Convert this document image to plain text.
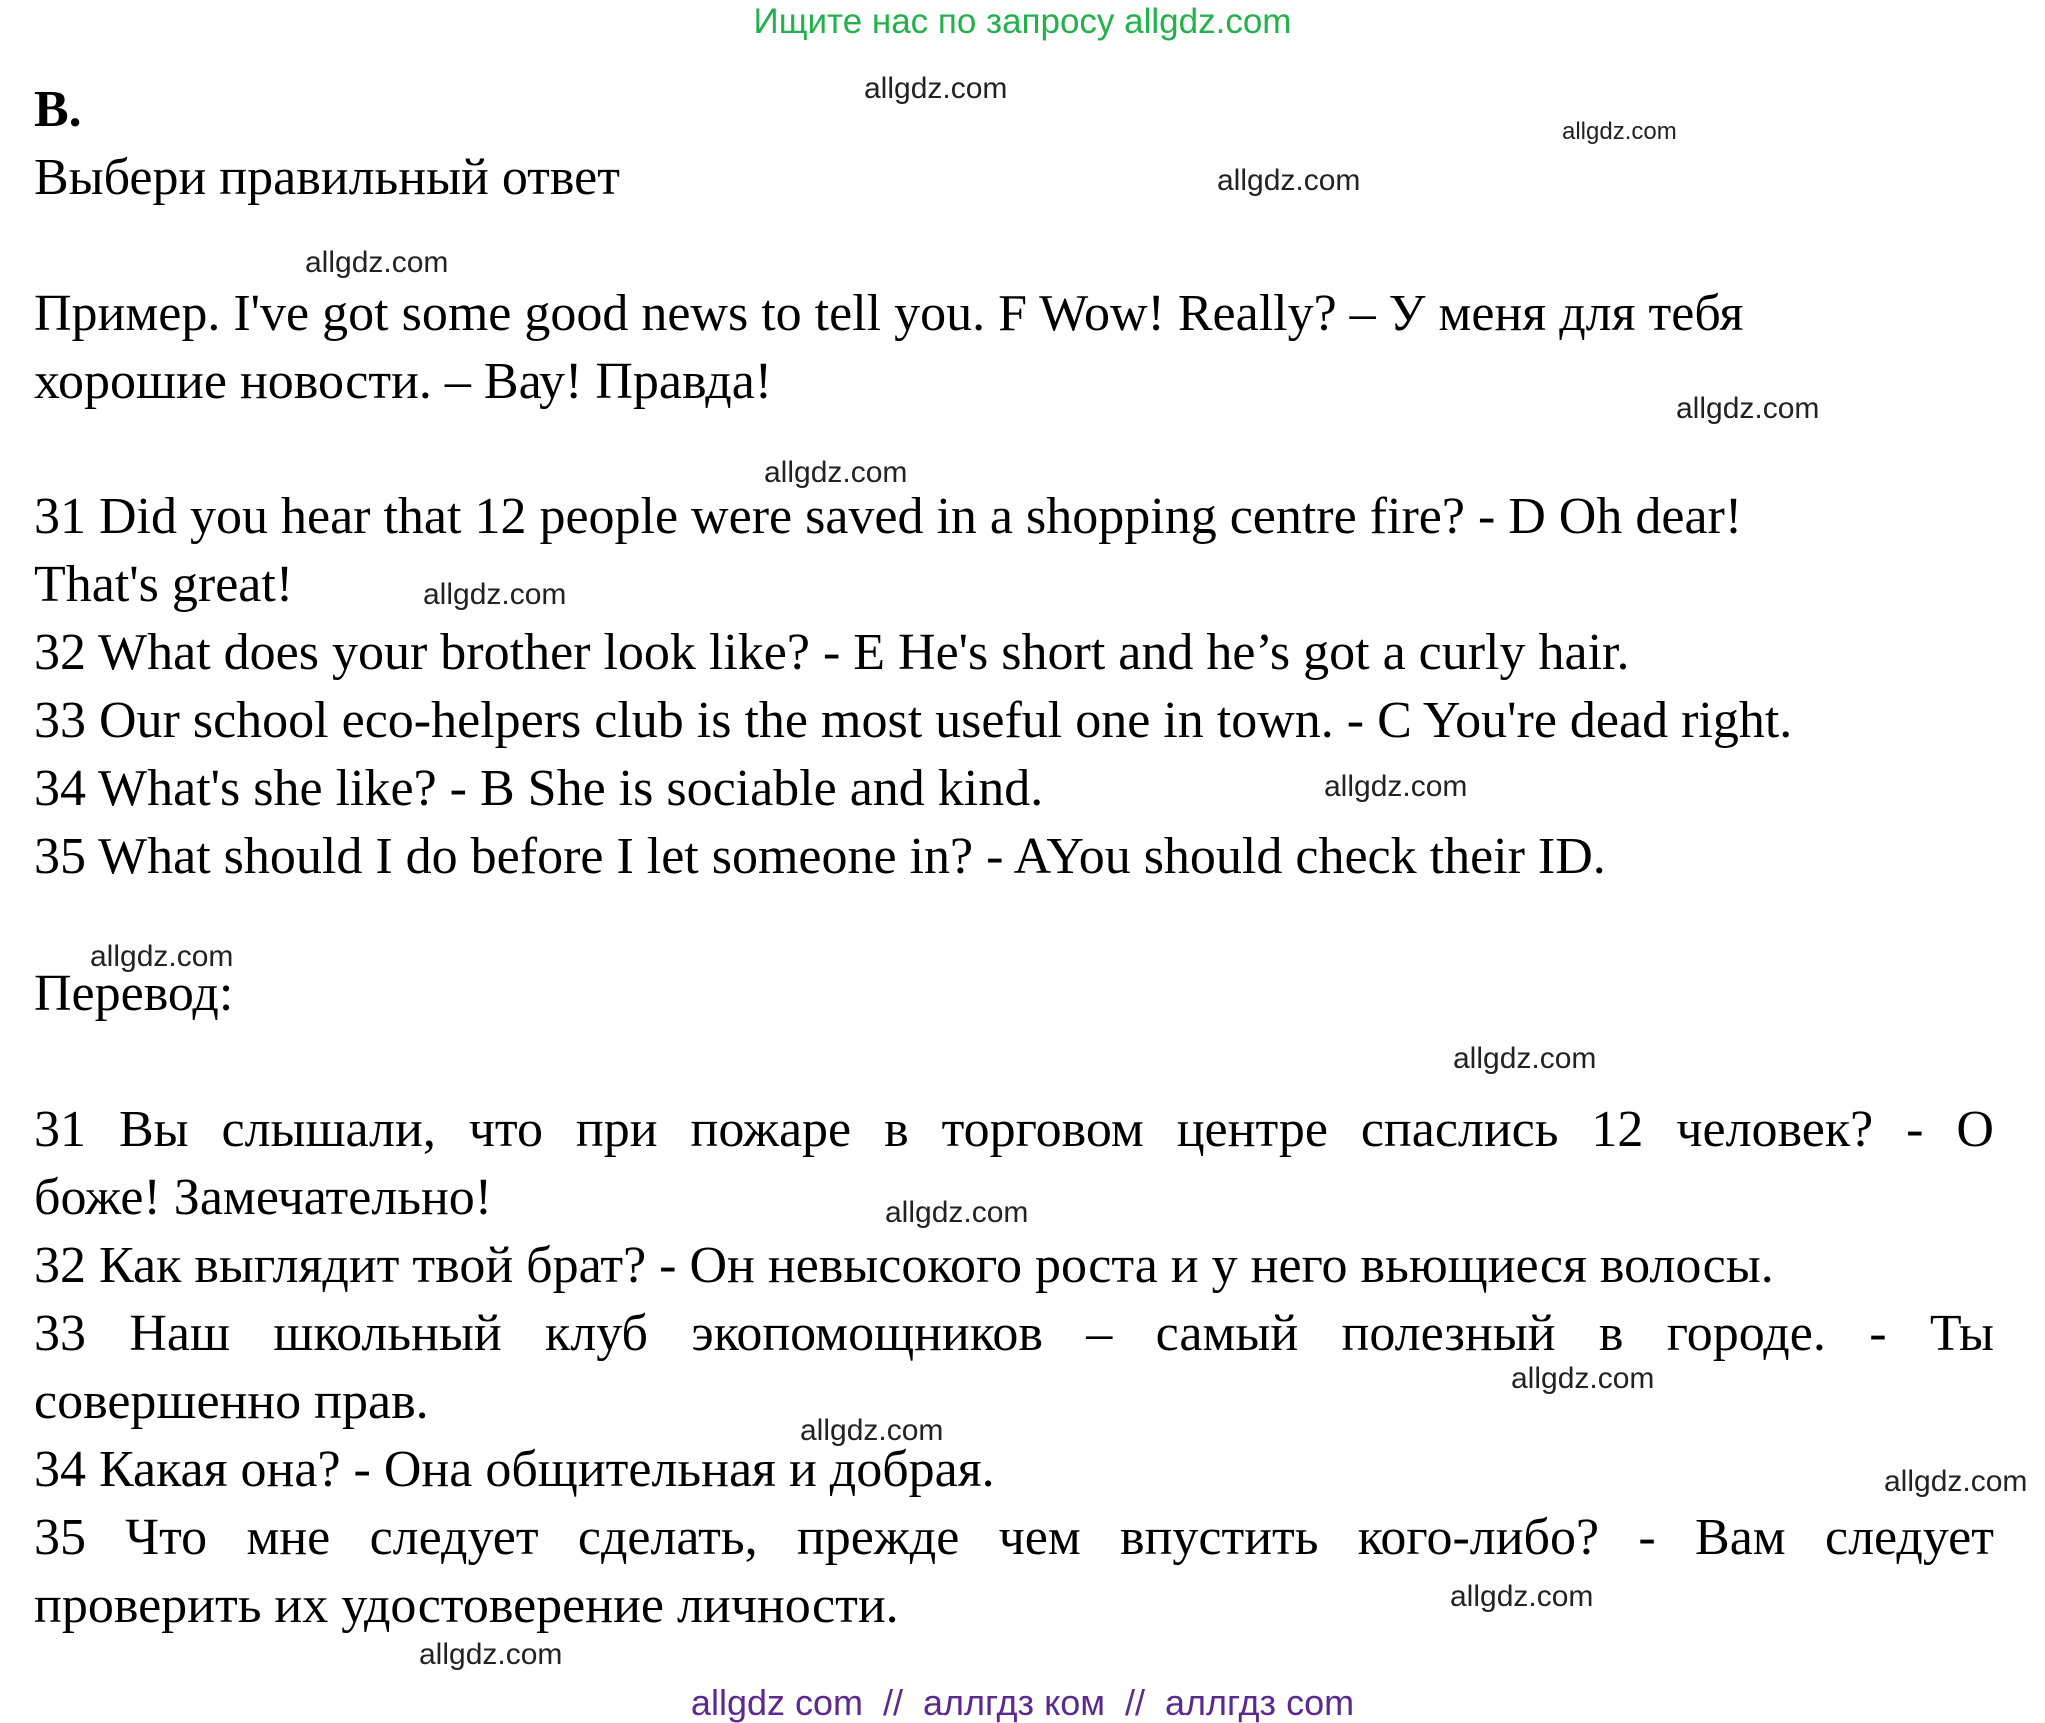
Ищите нас по запросу allgdz.com
allgdz.com
allgdz.com
allgdz.com
allgdz.com
allgdz.com
allgdz.com
allgdz.com
allgdz.com
allgdz.com
allgdz.com
allgdz.com
allgdz.com
allgdz.com
allgdz.com
allgdz.com
allgdz.com
B.
Выбери правильный ответ
Пример. I've got some good news to tell you. F Wow! Really? – У меня для тебя
хорошие новости. – Вау! Правда!
31 Did you hear that 12 people were saved in a shopping centre fire? - D Oh dear!
That's great!
32 What does your brother look like? - E He's short and he’s got a curly hair.
33 Our school eco-helpers club is the most useful one in town. - C You're dead right.
34 What's she like? - B She is sociable and kind.
35 What should I do before I let someone in? - AYou should check their ID.
Перевод:
31 Вы слышали, что при пожаре в торговом центре спаслись 12 человек? - О
боже! Замечательно!
32 Как выглядит твой брат? - Он невысокого роста и у него вьющиеся волосы.
33 Наш школьный клуб экопомощников – самый полезный в городе. - Ты
совершенно прав.
34 Какая она? - Она общительная и добрая.
35 Что мне следует сделать, прежде чем впустить кого-либо? - Вам следует
проверить их удостоверение личности.
allgdz com  //  аллгдз ком  //  аллгдз com
